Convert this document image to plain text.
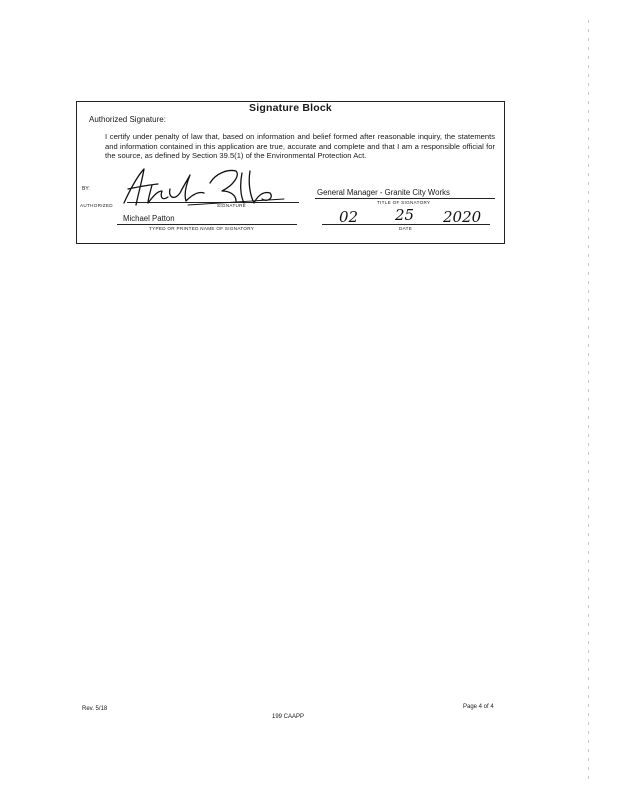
Signature Block
Authorized Signature:
I certify under penalty of law that, based on information and belief formed after reasonable inquiry, the statements and information contained in this application are true, accurate and complete and that I am a responsible official for the source, as defined by Section 39.5(1) of the Environmental Protection Act.
BY:
AUTHORIZED	SIGNATURE
General Manager - Granite City Works
TITLE OF SIGNATORY
Michael Patton
TYPED OR PRINTED NAME OF SIGNATORY
02 25 2020
DATE
Rev. 5/18
199 CAAPP
Page 4 of 4
